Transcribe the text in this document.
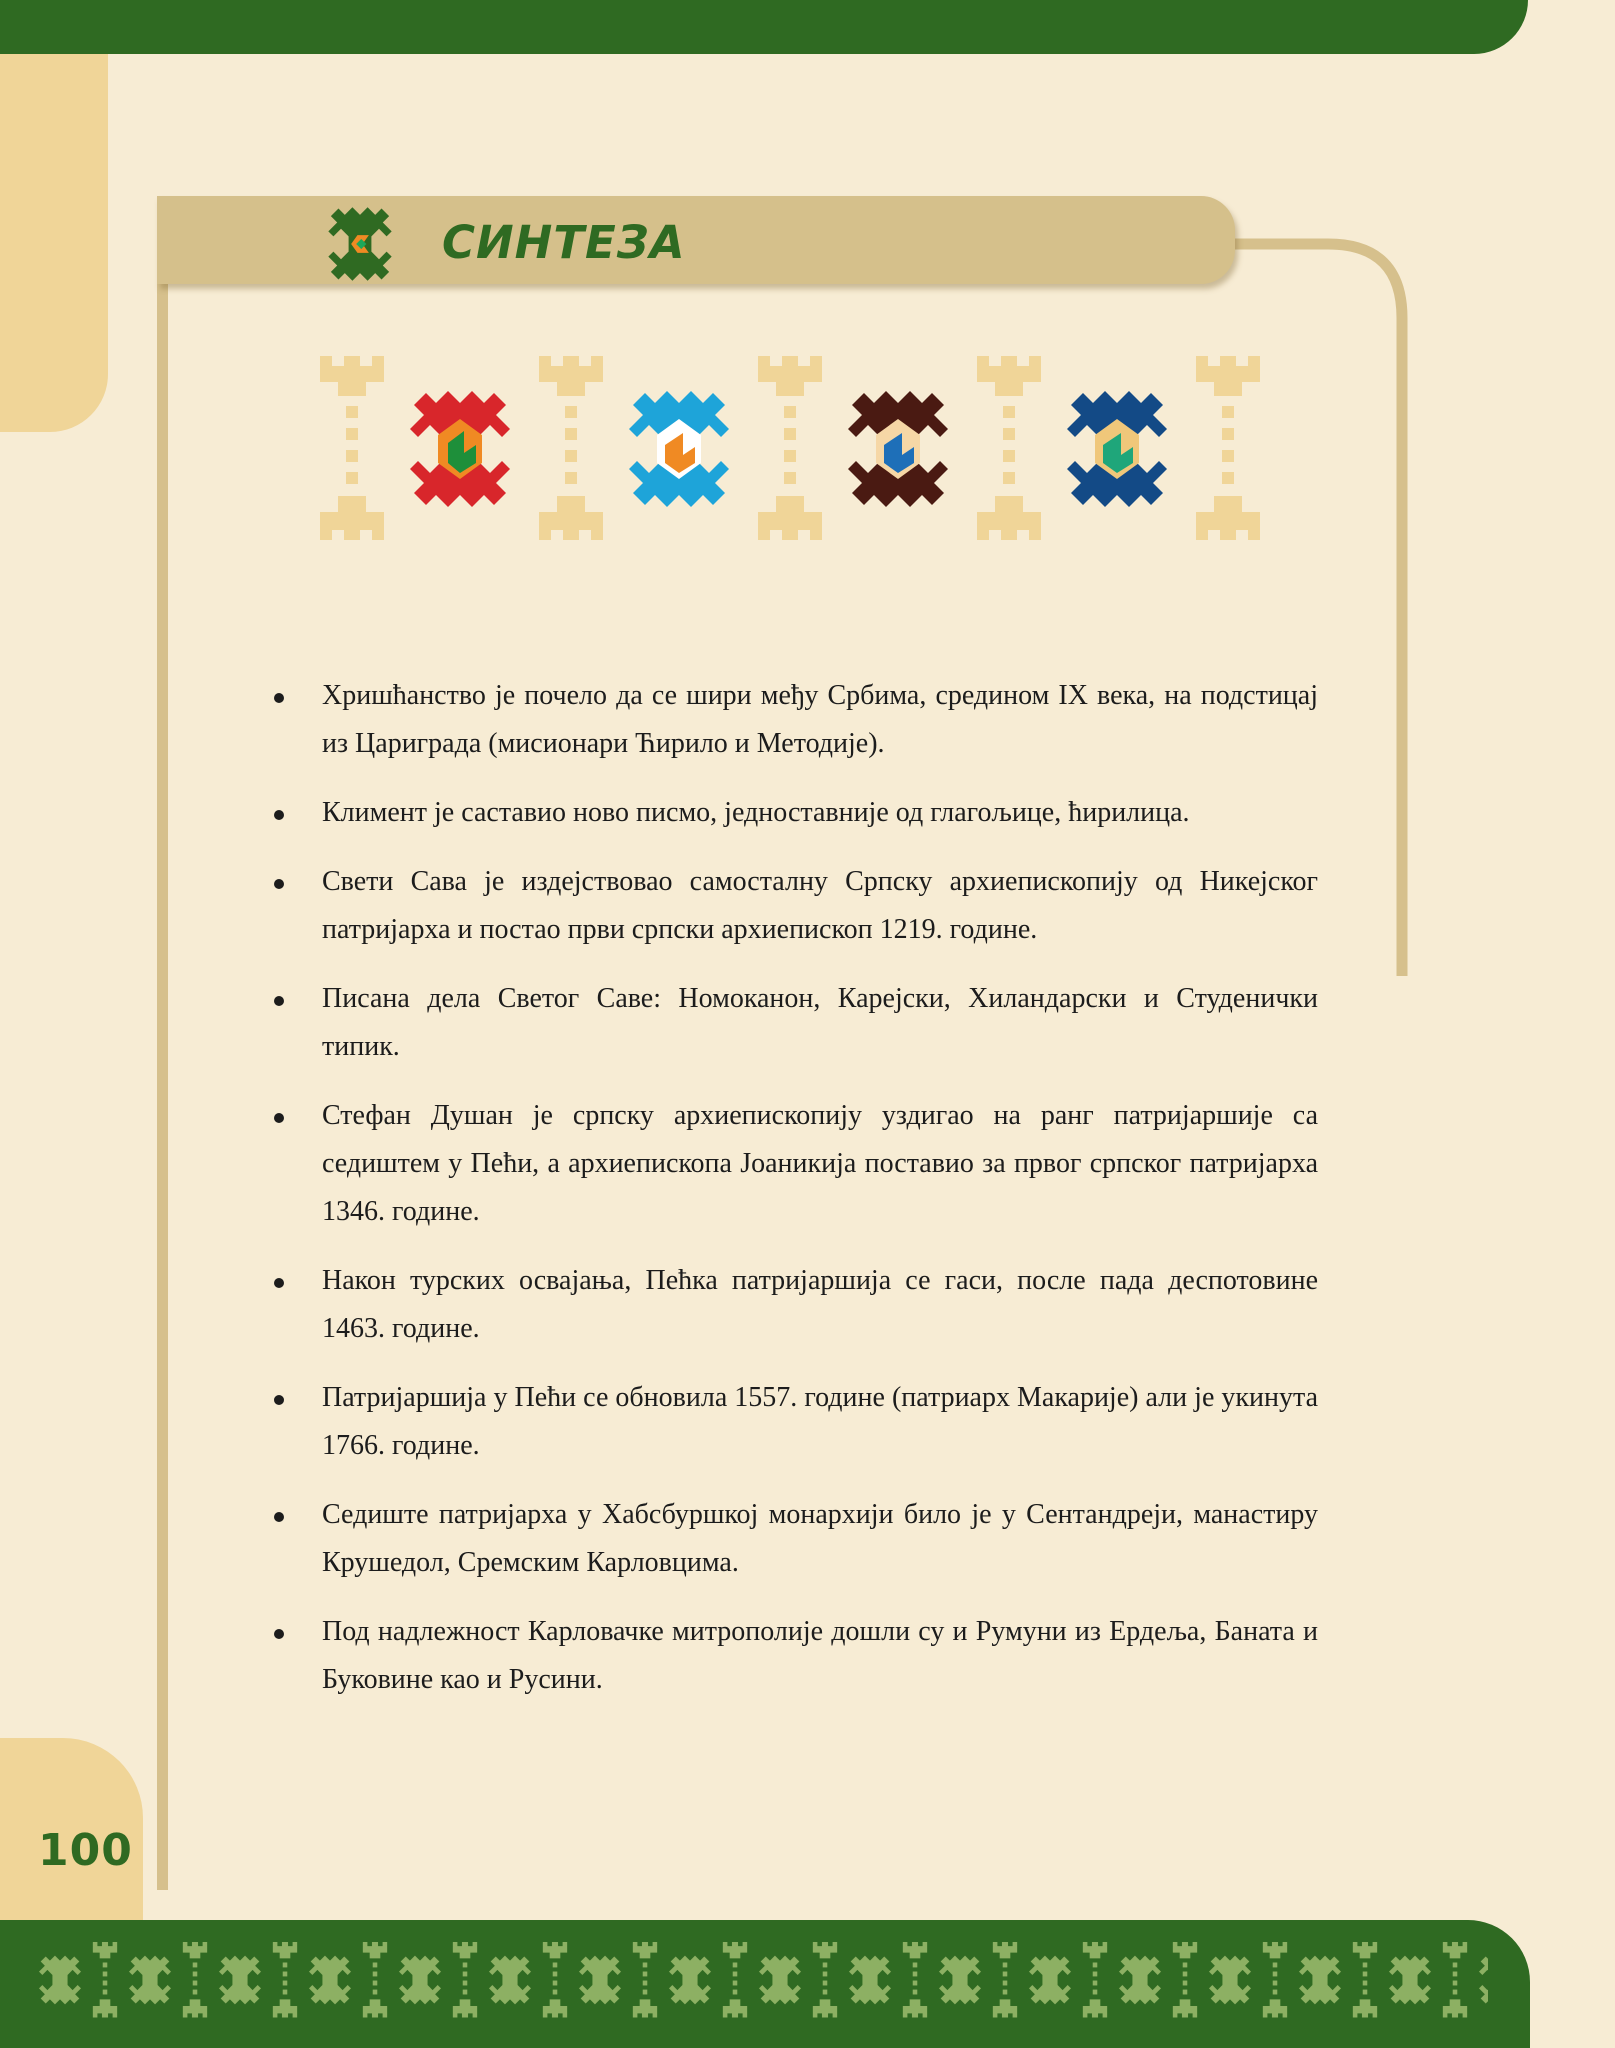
100
СИНТЕЗА
Хришћанство је почело да се шири међу Србима, средином IX века, на подстицај из Цариграда (мисионари Ћирило и Методије).
Климент је саставио ново писмо, једноставније од глагољице, ћирилица.
Свети Сава је издејствовао самосталну Српску архиепископију од Никејског патријарха и постао први српски архиепископ 1219. године.
Писана дела Светог Саве: Номоканон, Карејски, Хиландарски и Студенички типик.
Стефан Душан је српску архиепископију уздигао на ранг патријаршије са седиштем у Пећи, а архиепископа Јоаникија поставио за првог српског патријарха 1346. године.
Након турских освајања, Пећка патријаршија се гаси, после пада деспотовине 1463. године.
Патријаршија у Пећи се обновила 1557. године (патриарх Макарије) али је укинута 1766. године.
Седиште патријарха у Хабсбуршкој монархији било је у Сентандреји, манастиру Крушедол, Сремским Карловцима.
Под надлежност Карловачке митрополије дошли су и Румуни из Ердеља, Баната и Буковине као и Русини.
